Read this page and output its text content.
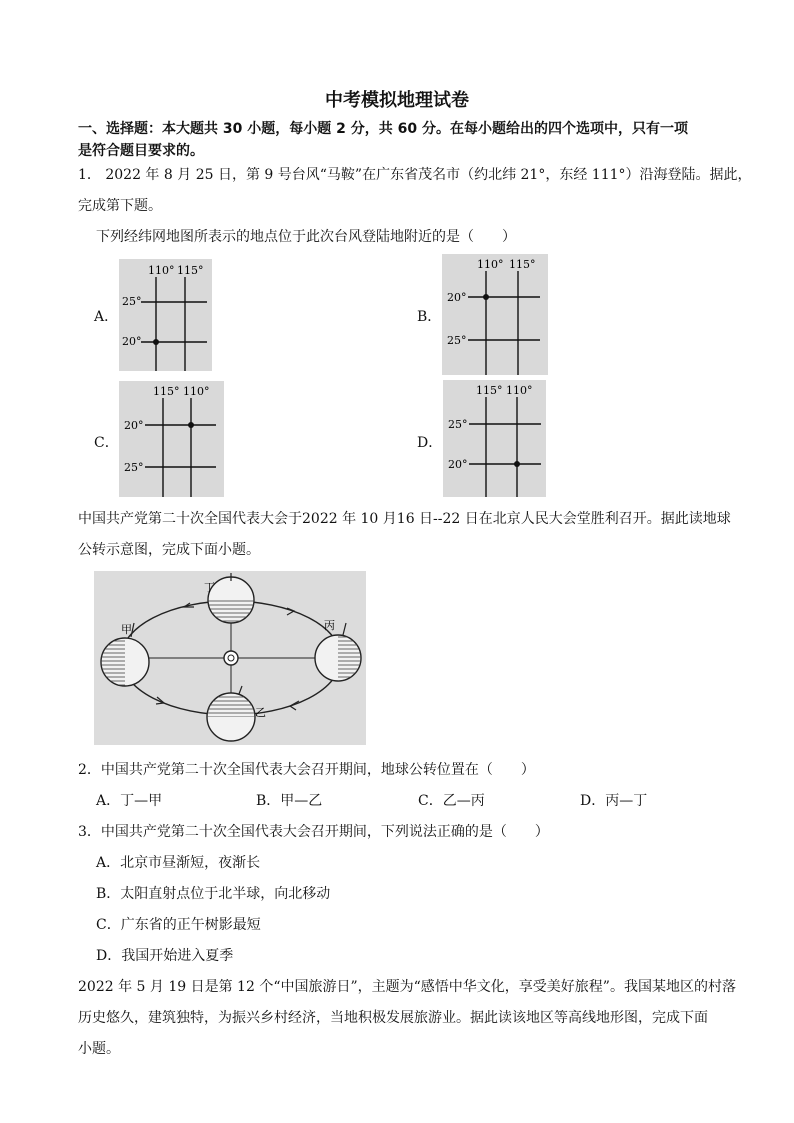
中考模拟地理试卷
一、选择题：本大题共 30 小题，每小题 2 分，共 60 分。在每小题给出的四个选项中，只有一项
是符合题目要求的。
1． 2022 年 8 月 25 日，第 9 号台风“马鞍”在广东省茂名市（约北纬 21°，东经 111°）沿海登陆。据此，
完成第下题。
下列经纬网地图所表示的地点位于此次台风登陆地附近的是（　　）
A．
110° 115°
25°
20°
B．
110° 115°
20°
25°
C．
115° 110°
20°
25°
D．
115° 110°
25°
20°
中国共产党第二十次全国代表大会于2022 年 10 月16 日--22 日在北京人民大会堂胜利召开。据此读地球
公转示意图，完成下面小题。
丁
甲	丙
乙
2．中国共产党第二十次全国代表大会召开期间，地球公转位置在（　　）
A．丁—甲	B．甲—乙	C．乙—丙	D．丙—丁
3．中国共产党第二十次全国代表大会召开期间，下列说法正确的是（　　）
A．北京市昼渐短，夜渐长
B．太阳直射点位于北半球，向北移动
C．广东省的正午树影最短
D．我国开始进入夏季
2022 年 5 月 19 日是第 12 个“中国旅游日”，主题为“感悟中华文化，享受美好旅程”。我国某地区的村落
历史悠久，建筑独特，为振兴乡村经济，当地积极发展旅游业。据此读该地区等高线地形图，完成下面
小题。
